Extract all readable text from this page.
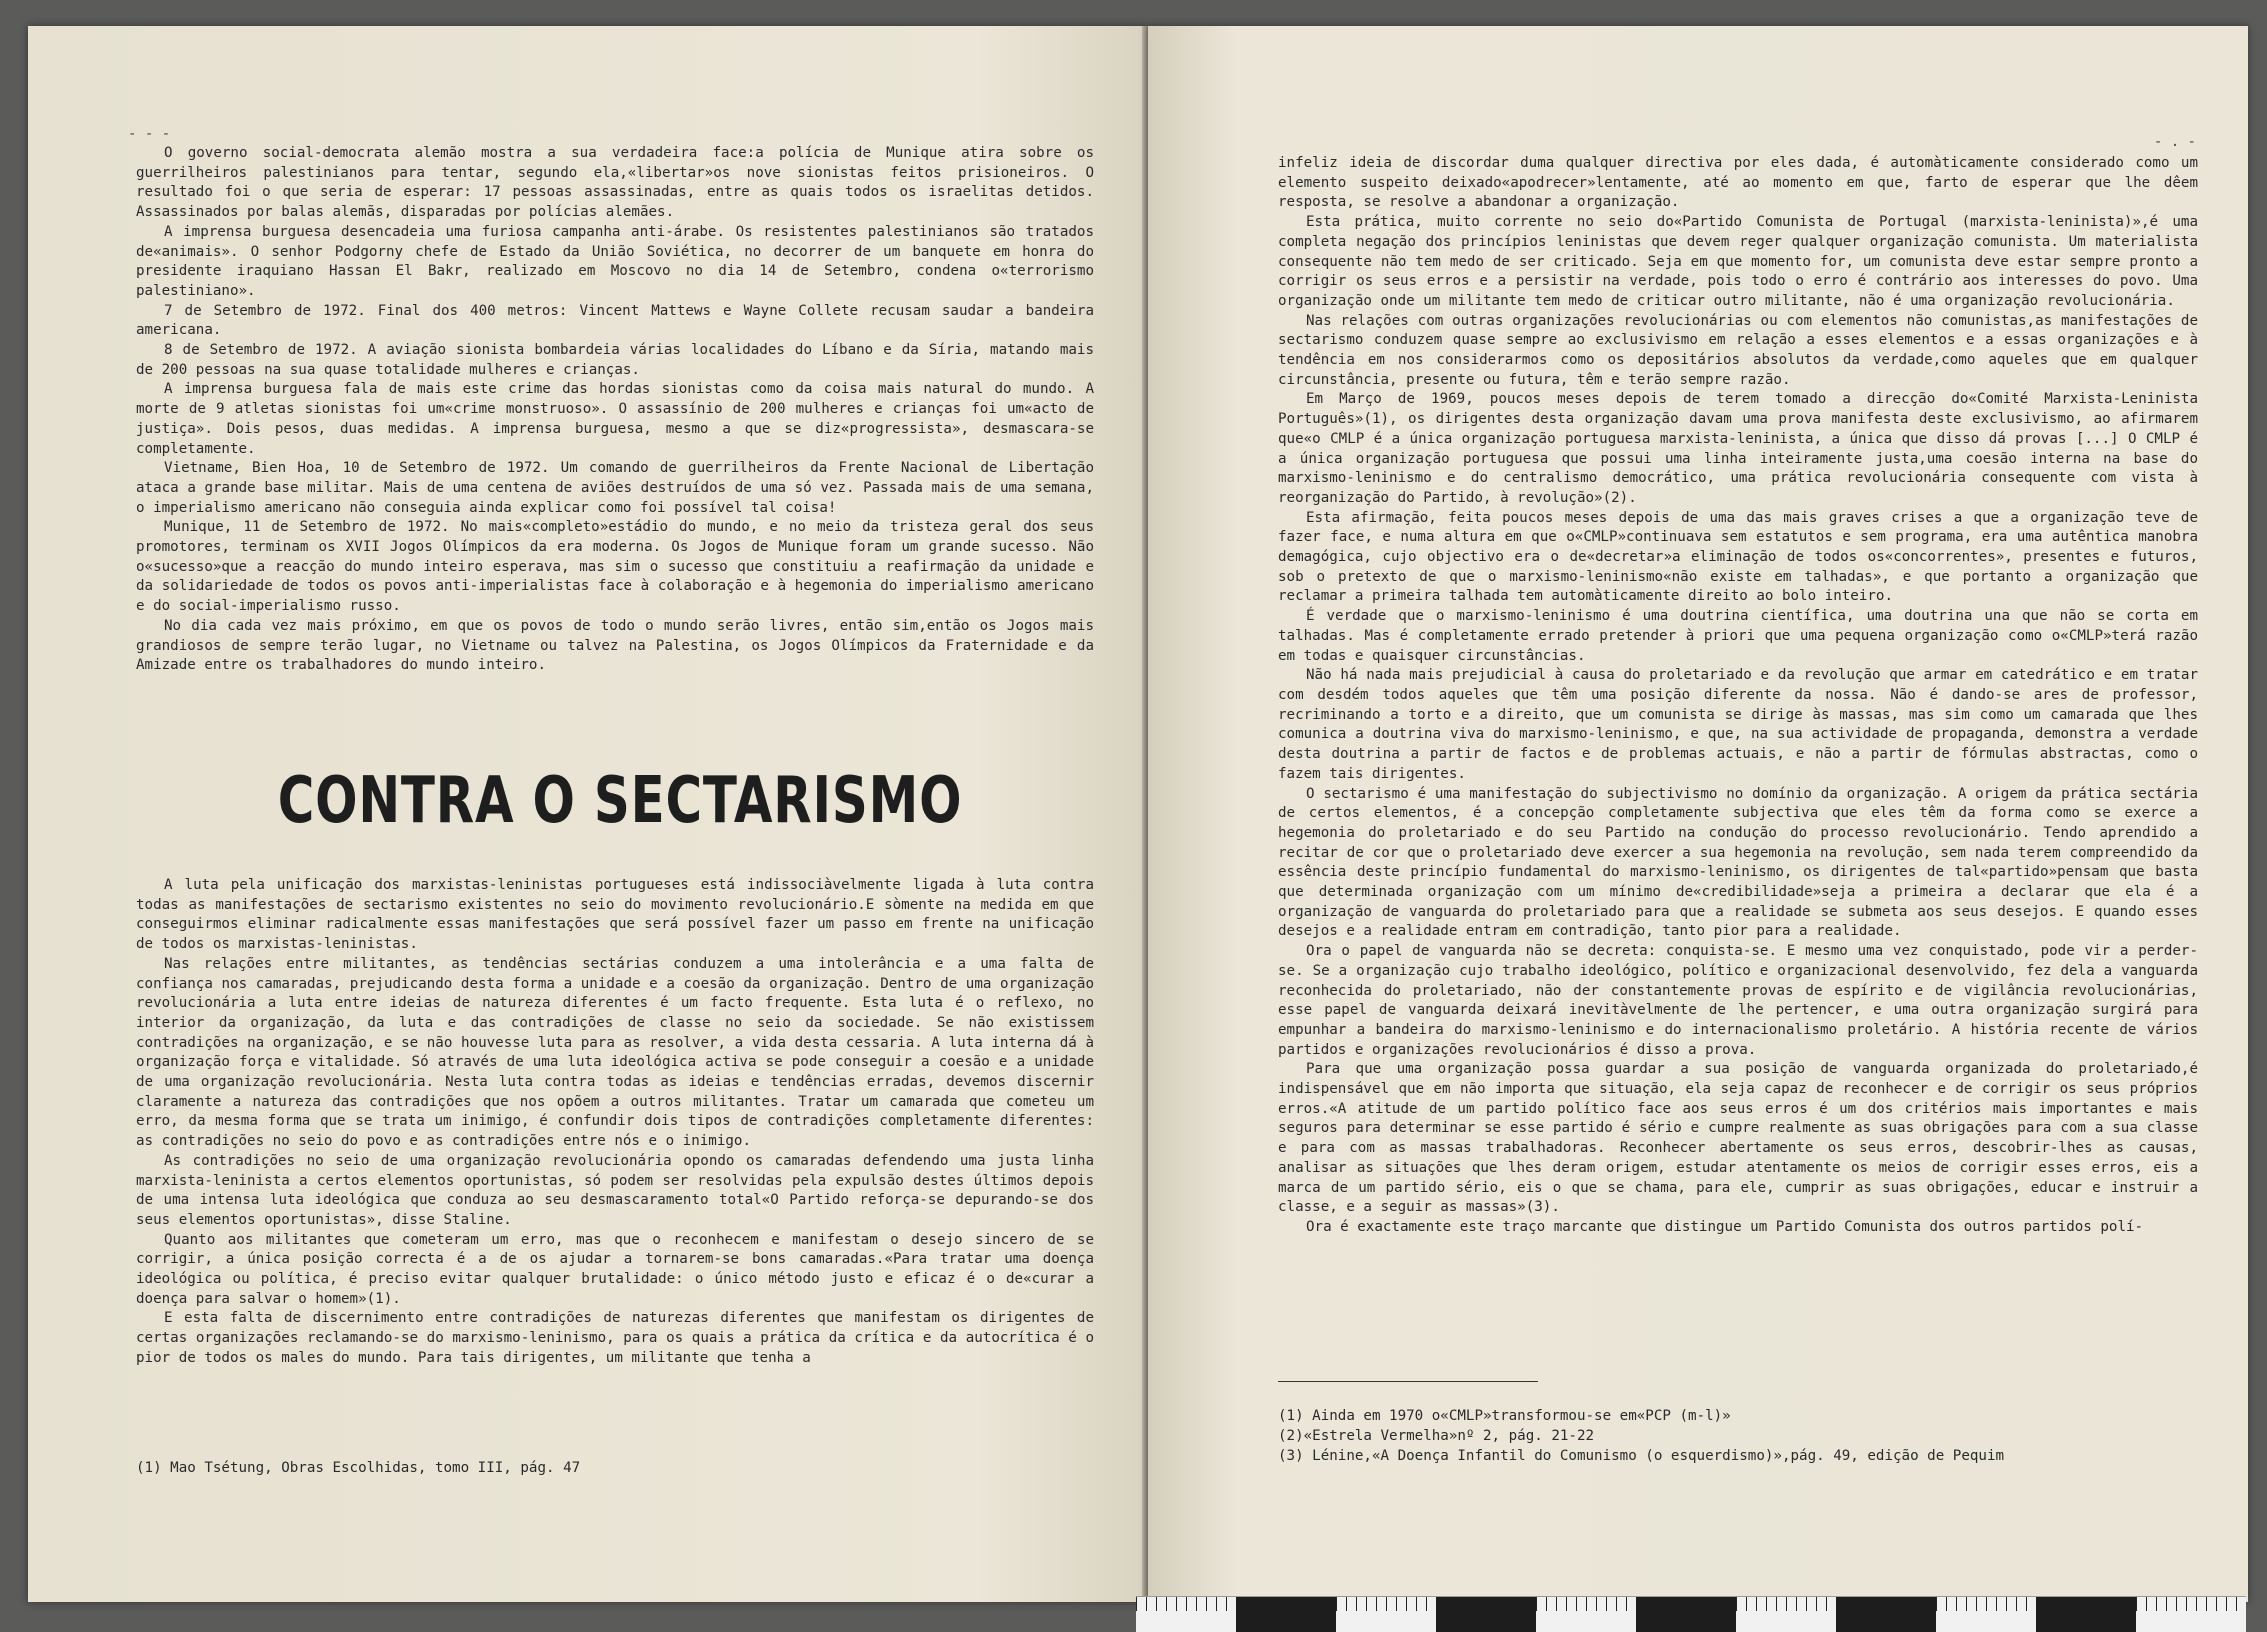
- - -

O governo social-democrata alemão mostra a sua verdadeira face:a polícia de Munique atira sobre os guerrilheiros palestinianos para tentar, segundo ela,«libertar»os nove sionistas feitos prisioneiros. O resultado foi o que seria de esperar: 17 pessoas assassinadas, entre as quais todos os israelitas detidos. Assassinados por balas alemãs, disparadas por polícias alemães.

A imprensa burguesa desencadeia uma furiosa campanha anti-árabe. Os resistentes palestinianos são tratados de«animais». O senhor Podgorny chefe de Estado da União Soviética, no decorrer de um banquete em honra do presidente iraquiano Hassan El Bakr, realizado em Moscovo no dia 14 de Setembro, condena o«terrorismo palestiniano».

7 de Setembro de 1972. Final dos 400 metros: Vincent Mattews e Wayne Collete recusam saudar a bandeira americana.

8 de Setembro de 1972. A aviação sionista bombardeia várias localidades do Líbano e da Síria, matando mais de 200 pessoas na sua quase totalidade mulheres e crianças.

A imprensa burguesa fala de mais este crime das hordas sionistas como da coisa mais natural do mundo. A morte de 9 atletas sionistas foi um«crime monstruoso». O assassínio de 200 mulheres e crianças foi um«acto de justiça». Dois pesos, duas medidas. A imprensa burguesa, mesmo a que se diz«progressista», desmascara-se completamente.

Vietname, Bien Hoa, 10 de Setembro de 1972. Um comando de guerrilheiros da Frente Nacional de Libertação ataca a grande base militar. Mais de uma centena de aviões destruídos de uma só vez. Passada mais de uma semana, o imperialismo americano não conseguia ainda explicar como foi possível tal coisa!

Munique, 11 de Setembro de 1972. No mais«completo»estádio do mundo, e no meio da tristeza geral dos seus promotores, terminam os XVII Jogos Olímpicos da era moderna. Os Jogos de Munique foram um grande sucesso. Não o«sucesso»que a reacção do mundo inteiro esperava, mas sim o sucesso que constituiu a reafirmação da unidade e da solidariedade de todos os povos anti-imperialistas face à colaboração e à hegemonia do imperialismo americano e do social-imperialismo russo.

No dia cada vez mais próximo, em que os povos de todo o mundo serão livres, então sim,então os Jogos mais grandiosos de sempre terão lugar, no Vietname ou talvez na Palestina, os Jogos Olímpicos da Fraternidade e da Amizade entre os trabalhadores do mundo inteiro.

CONTRA O SECTARISMO

A luta pela unificação dos marxistas-leninistas portugueses está indissociàvelmente ligada à luta contra todas as manifestações de sectarismo existentes no seio do movimento revolucionário.E sòmente na medida em que conseguirmos eliminar radicalmente essas manifestações que será possível fazer um passo em frente na unificação de todos os marxistas-leninistas.

Nas relações entre militantes, as tendências sectárias conduzem a uma intolerância e a uma falta de confiança nos camaradas, prejudicando desta forma a unidade e a coesão da organização. Dentro de uma organização revolucionária a luta entre ideias de natureza diferentes é um facto frequente. Esta luta é o reflexo, no interior da organização, da luta e das contradições de classe no seio da sociedade. Se não existissem contradições na organização, e se não houvesse luta para as resolver, a vida desta cessaria. A luta interna dá à organização força e vitalidade. Só através de uma luta ideológica activa se pode conseguir a coesão e a unidade de uma organização revolucionária. Nesta luta contra todas as ideias e tendências erradas, devemos discernir claramente a natureza das contradições que nos opõem a outros militantes. Tratar um camarada que cometeu um erro, da mesma forma que se trata um inimigo, é confundir dois tipos de contradições completamente diferentes: as contradições no seio do povo e as contradições entre nós e o inimigo.

As contradições no seio de uma organização revolucionária opondo os camaradas defendendo uma justa linha marxista-leninista a certos elementos oportunistas, só podem ser resolvidas pela expulsão destes últimos depois de uma intensa luta ideológica que conduza ao seu desmascaramento total«O Partido reforça-se depurando-se dos seus elementos oportunistas», disse Staline.

Quanto aos militantes que cometeram um erro, mas que o reconhecem e manifestam o desejo sincero de se corrigir, a única posição correcta é a de os ajudar a tornarem-se bons camaradas.«Para tratar uma doença ideológica ou política, é preciso evitar qualquer brutalidade: o único método justo e eficaz é o de«curar a doença para salvar o homem»(1).

E esta falta de discernimento entre contradições de naturezas diferentes que manifestam os dirigentes de certas organizações reclamando-se do marxismo-leninismo, para os quais a prática da crítica e da autocrítica é o pior de todos os males do mundo. Para tais dirigentes, um militante que tenha a

(1) Mao Tsétung, Obras Escolhidas, tomo III, pág. 47
- . -

infeliz ideia de discordar duma qualquer directiva por eles dada, é automàticamente considerado como um elemento suspeito deixado«apodrecer»lentamente, até ao momento em que, farto de esperar que lhe dêem resposta, se resolve a abandonar a organização.

Esta prática, muito corrente no seio do«Partido Comunista de Portugal (marxista-leninista)»,é uma completa negação dos princípios leninistas que devem reger qualquer organização comunista. Um materialista consequente não tem medo de ser criticado. Seja em que momento for, um comunista deve estar sempre pronto a corrigir os seus erros e a persistir na verdade, pois todo o erro é contrário aos interesses do povo. Uma organização onde um militante tem medo de criticar outro militante, não é uma organização revolucionária.

Nas relações com outras organizações revolucionárias ou com elementos não comunistas,as manifestações de sectarismo conduzem quase sempre ao exclusivismo em relação a esses elementos e a essas organizações e à tendência em nos considerarmos como os depositários absolutos da verdade,como aqueles que em qualquer circunstância, presente ou futura, têm e terão sempre razão.

Em Março de 1969, poucos meses depois de terem tomado a direcção do«Comité Marxista-Leninista Português»(1), os dirigentes desta organização davam uma prova manifesta deste exclusivismo, ao afirmarem que«o CMLP é a única organização portuguesa marxista-leninista, a única que disso dá provas [...] O CMLP é a única organização portuguesa que possui uma linha inteiramente justa,uma coesão interna na base do marxismo-leninismo e do centralismo democrático, uma prática revolucionária consequente com vista à reorganização do Partido, à revolução»(2).

Esta afirmação, feita poucos meses depois de uma das mais graves crises a que a organização teve de fazer face, e numa altura em que o«CMLP»continuava sem estatutos e sem programa, era uma autêntica manobra demagógica, cujo objectivo era o de«decretar»a eliminação de todos os«concorrentes», presentes e futuros, sob o pretexto de que o marxismo-leninismo«não existe em talhadas», e que portanto a organização que reclamar a primeira talhada tem automàticamente direito ao bolo inteiro.

É verdade que o marxismo-leninismo é uma doutrina científica, uma doutrina una que não se corta em talhadas. Mas é completamente errado pretender à priori que uma pequena organização como o«CMLP»terá razão em todas e quaisquer circunstâncias.

Não há nada mais prejudicial à causa do proletariado e da revolução que armar em catedrático e em tratar com desdém todos aqueles que têm uma posição diferente da nossa. Não é dando-se ares de professor, recriminando a torto e a direito, que um comunista se dirige às massas, mas sim como um camarada que lhes comunica a doutrina viva do marxismo-leninismo, e que, na sua actividade de propaganda, demonstra a verdade desta doutrina a partir de factos e de problemas actuais, e não a partir de fórmulas abstractas, como o fazem tais dirigentes.

O sectarismo é uma manifestação do subjectivismo no domínio da organização. A origem da prática sectária de certos elementos, é a concepção completamente subjectiva que eles têm da forma como se exerce a hegemonia do proletariado e do seu Partido na condução do processo revolucionário. Tendo aprendido a recitar de cor que o proletariado deve exercer a sua hegemonia na revolução, sem nada terem compreendido da essência deste princípio fundamental do marxismo-leninismo, os dirigentes de tal«partido»pensam que basta que determinada organização com um mínimo de«credibilidade»seja a primeira a declarar que ela é a organização de vanguarda do proletariado para que a realidade se submeta aos seus desejos. E quando esses desejos e a realidade entram em contradição, tanto pior para a realidade.

Ora o papel de vanguarda não se decreta: conquista-se. E mesmo uma vez conquistado, pode vir a perder-se. Se a organização cujo trabalho ideológico, político e organizacional desenvolvido, fez dela a vanguarda reconhecida do proletariado, não der constantemente provas de espírito e de vigilância revolucionárias, esse papel de vanguarda deixará inevitàvelmente de lhe pertencer, e uma outra organização surgirá para empunhar a bandeira do marxismo-leninismo e do internacionalismo proletário. A história recente de vários partidos e organizações revolucionários é disso a prova.

Para que uma organização possa guardar a sua posição de vanguarda organizada do proletariado,é indispensável que em não importa que situação, ela seja capaz de reconhecer e de corrigir os seus próprios erros.«A atitude de um partido político face aos seus erros é um dos critérios mais importantes e mais seguros para determinar se esse partido é sério e cumpre realmente as suas obrigações para com a sua classe e para com as massas trabalhadoras. Reconhecer abertamente os seus erros, descobrir-lhes as causas, analisar as situações que lhes deram origem, estudar atentamente os meios de corrigir esses erros, eis a marca de um partido sério, eis o que se chama, para ele, cumprir as suas obrigações, educar e instruir a classe, e a seguir as massas»(3).

Ora é exactamente este traço marcante que distingue um Partido Comunista dos outros partidos polí-

(1) Ainda em 1970 o«CMLP»transformou-se em«PCP (m-l)»
(2)«Estrela Vermelha»nº 2, pág. 21-22
(3) Lénine,«A Doença Infantil do Comunismo (o esquerdismo)»,pág. 49, edição de Pequim
